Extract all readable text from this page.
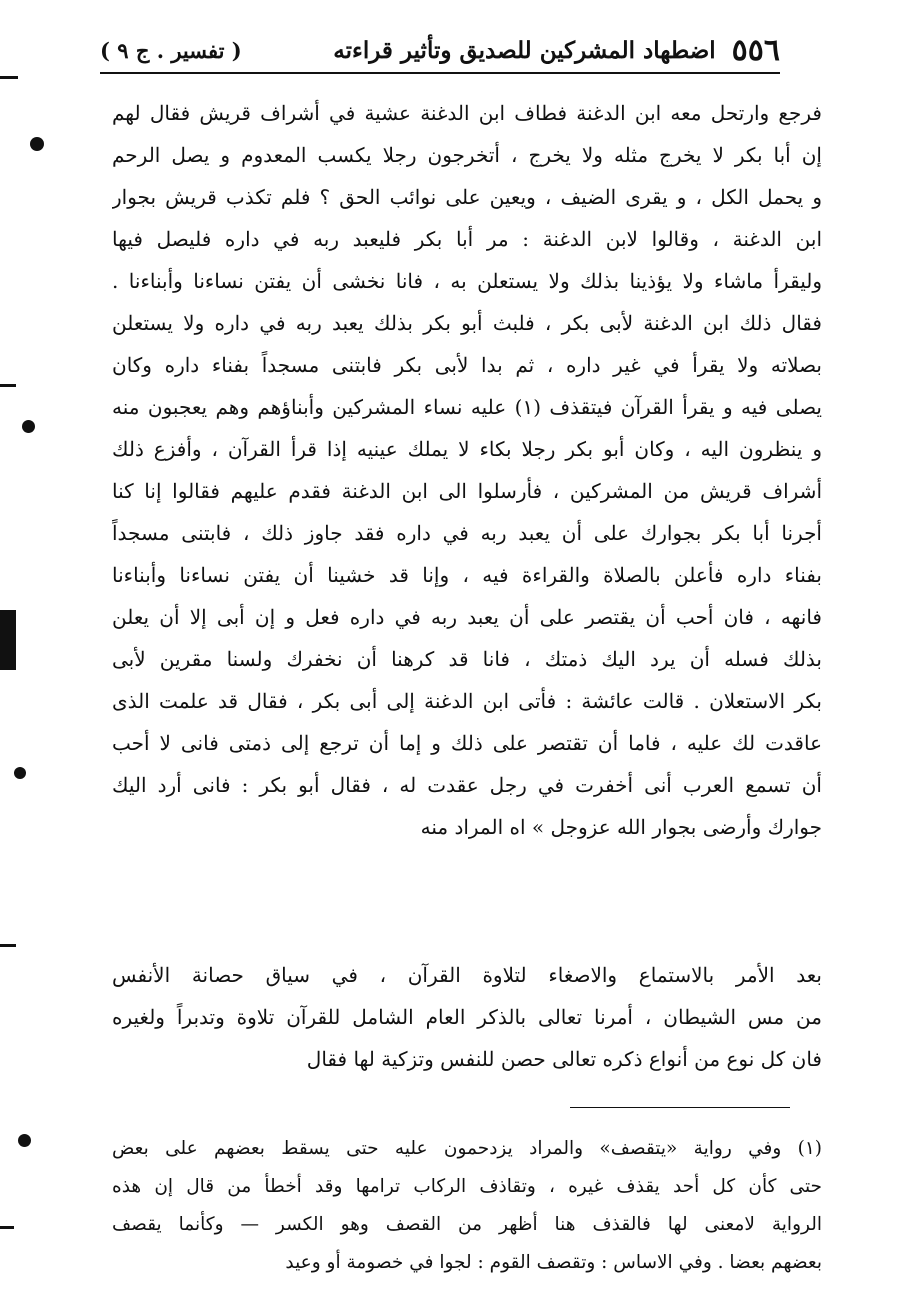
٥٥٦
اضطهاد المشركين للصديق وتأثير قراءته
( تفسير . ج ٩ )
فرجع وارتحل معه ابن الدغنة فطاف ابن الدغنة عشية في أشراف قريش فقال لهم
إن أبا بكر لا يخرج مثله ولا يخرج ، أتخرجون رجلا يكسب المعدوم و يصل الرحم
و يحمل الكل ، و يقرى الضيف ، ويعين على نوائب الحق ؟ فلم تكذب قريش بجوار
ابن الدغنة ، وقالوا لابن الدغنة : مر أبا بكر فليعبد ربه في داره فليصل فيها
وليقرأ ماشاء ولا يؤذينا بذلك ولا يستعلن به ، فانا نخشى أن يفتن نساءنا وأبناءنا .
فقال ذلك ابن الدغنة لأبى بكر ، فلبث أبو بكر بذلك يعبد ربه في داره ولا يستعلن
بصلاته ولا يقرأ في غير داره ، ثم بدا لأبى بكر فابتنى مسجداً بفناء داره وكان
يصلى فيه و يقرأ القرآن فيتقذف (١) عليه نساء المشركين وأبناؤهم وهم يعجبون منه
و ينظرون اليه ، وكان أبو بكر رجلا بكاء لا يملك عينيه إذا قرأ القرآن ، وأفزع ذلك
أشراف قريش من المشركين ، فأرسلوا الى ابن الدغنة فقدم عليهم فقالوا إنا كنا
أجرنا أبا بكر بجوارك على أن يعبد ربه في داره فقد جاوز ذلك ، فابتنى مسجداً
بفناء داره فأعلن بالصلاة والقراءة فيه ، وإنا قد خشينا أن يفتن نساءنا وأبناءنا
فانهه ، فان أحب أن يقتصر على أن يعبد ربه في داره فعل و إن أبى إلا أن يعلن
بذلك فسله أن يرد اليك ذمتك ، فانا قد كرهنا أن نخفرك ولسنا مقرين لأبى
بكر الاستعلان . قالت عائشة : فأتى ابن الدغنة إلى أبى بكر ، فقال قد علمت الذى
عاقدت لك عليه ، فاما أن تقتصر على ذلك و إما أن ترجع إلى ذمتى فانى لا أحب
أن تسمع العرب أنى أخفرت في رجل عقدت له ، فقال أبو بكر : فانى أرد اليك
جوارك وأرضى بجوار الله عزوجل » اه المراد منه
بعد الأمر بالاستماع والاصغاء لتلاوة القرآن ، في سياق حصانة الأنفس
من مس الشيطان ، أمرنا تعالى بالذكر العام الشامل للقرآن تلاوة وتدبراً ولغيره
فان كل نوع من أنواع ذكره تعالى حصن للنفس وتزكية لها فقال
(١) وفي رواية «يتقصف» والمراد يزدحمون عليه حتى يسقط بعضهم على بعض
حتى كأن كل أحد يقذف غيره ، وتقاذف الركاب ترامها وقد أخطأ من قال إن هذه
الرواية لامعنى لها فالقذف هنا أظهر من القصف وهو الكسر — وكأنما يقصف
بعضهم بعضا . وفي الاساس : وتقصف القوم : لجوا في خصومة أو وعيد
